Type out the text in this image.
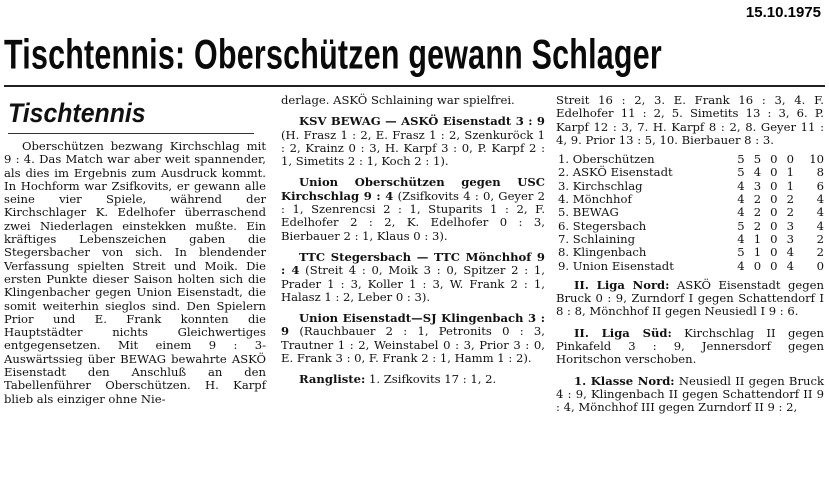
15.10.1975
Tischtennis: Oberschützen gewann Schlager
Tischtennis

Oberschützen bezwang Kirchschlag mit 9 : 4. Das Match war aber weit spannender, als dies im Ergebnis zum Ausdruck kommt. In Hochform war Zsifkovits, er gewann alle seine vier Spiele, während der Kirchschlager K. Edelhofer überraschend zwei Niederlagen einstekken mußte. Ein kräftiges Lebenszeichen gaben die Stegersbacher von sich. In blendender Verfassung spielten Streit und Moik. Die ersten Punkte dieser Saison holten sich die Klingenbacher gegen Union Eisenstadt, die somit weiterhin sieglos sind. Den Spielern Prior und E. Frank konnten die Hauptstädter nichts Gleichwertiges entgegensetzen. Mit einem 9 : 3-Auswärtssieg über BEWAG bewahrte ASKÖ Eisenstadt den Anschluß an den Tabellenführer Oberschützen. H. Karpf blieb als einziger ohne Nie-

derlage. ASKÖ Schlaining war spielfrei.

KSV BEWAG — ASKÖ Eisenstadt 3 : 9 (H. Frasz 1 : 2, E. Frasz 1 : 2, Szenkuröck 1 : 2, Krainz 0 : 3, H. Karpf 3 : 0, P. Karpf 2 : 1, Simetits 2 : 1, Koch 2 : 1).

Union Oberschützen gegen USC Kirchschlag 9 : 4 (Zsifkovits 4 : 0, Geyer 2 : 1, Szenrencsi 2 : 1, Stuparits 1 : 2, F. Edelhofer 2 : 2, K. Edelhofer 0 : 3, Bierbauer 2 : 1, Klaus 0 : 3).

TTC Stegersbach — TTC Mönchhof 9 : 4 (Streit 4 : 0, Moik 3 : 0, Spitzer 2 : 1, Prader 1 : 3, Koller 1 : 3, W. Frank 2 : 1, Halasz 1 : 2, Leber 0 : 3).

Union Eisenstadt—SJ Klingenbach 3 : 9 (Rauchbauer 2 : 1, Petronits 0 : 3, Trautner 1 : 2, Weinstabel 0 : 3, Prior 3 : 0, E. Frank 3 : 0, F. Frank 2 : 1, Hamm 1 : 2).

Rangliste: 1. Zsifkovits 17 : 1, 2.

Streit 16 : 2, 3. E. Frank 16 : 3, 4. F. Edelhofer 11 : 2, 5. Simetits 13 : 3, 6. P. Karpf 12 : 3, 7. H. Karpf 8 : 2, 8. Geyer 11 : 4, 9. Prior 13 : 5, 10. Bierbauer 8 : 3.

1. Oberschützen	5	5	0	0	10
2. ASKÖ Eisenstadt	5	4	0	1	8
3. Kirchschlag	4	3	0	1	6
4. Mönchhof	4	2	0	2	4
5. BEWAG	4	2	0	2	4
6. Stegersbach	5	2	0	3	4
7. Schlaining	4	1	0	3	2
8. Klingenbach	5	1	0	4	2
9. Union Eisenstadt	4	0	0	4	0

II. Liga Nord: ASKÖ Eisenstadt gegen Bruck 0 : 9, Zurndorf I gegen Schattendorf I 8 : 8, Mönchhof II gegen Neusiedl I 9 : 6.

II. Liga Süd: Kirchschlag II gegen Pinkafeld 3 : 9, Jennersdorf gegen Horitschon verschoben.

1. Klasse Nord: Neusiedl II gegen Bruck 4 : 9, Klingenbach II gegen Schattendorf II 9 : 4, Mönchhof III gegen Zurndorf II 9 : 2,
